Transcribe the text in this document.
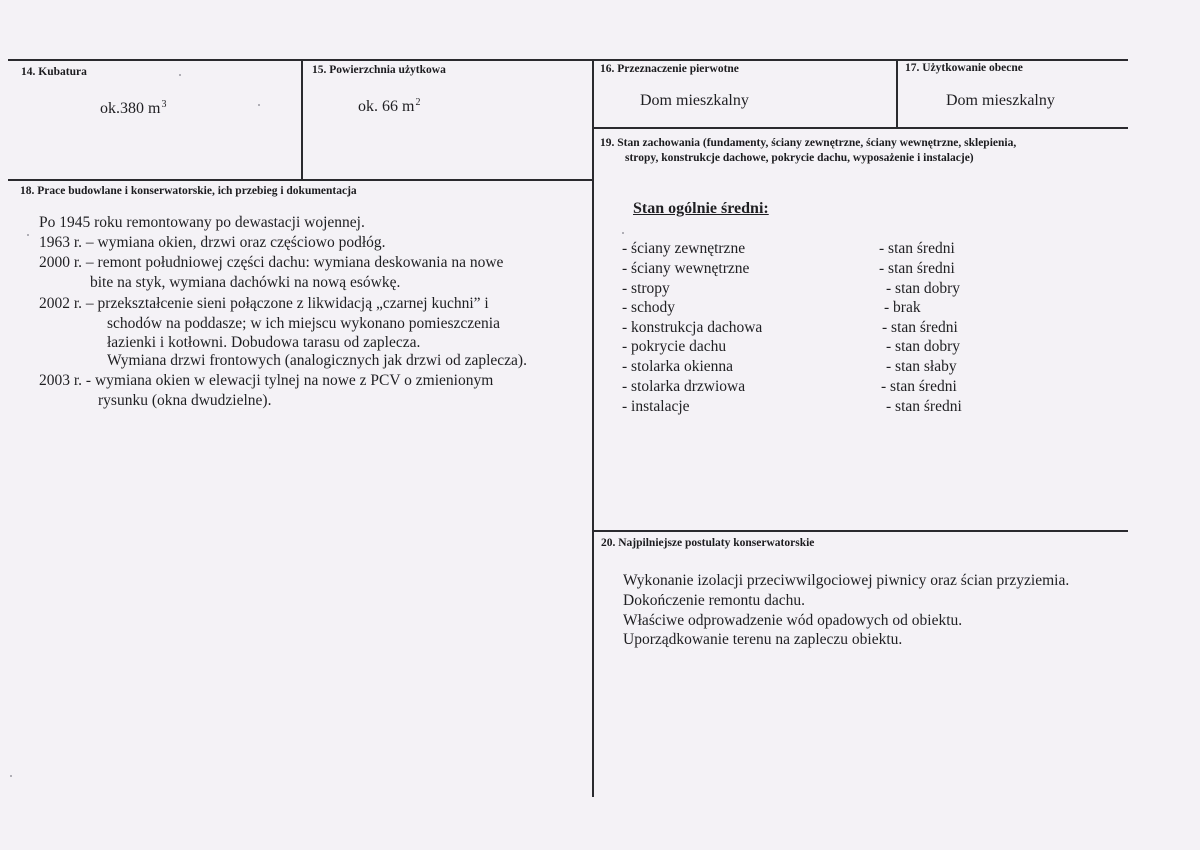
14. Kubatura
ok.380 $m^3$
15. Powierzchnia użytkowa
ok. 66 $m^2$
16. Przeznaczenie pierwotne
Dom mieszkalny
17. Użytkowanie obecne
Dom mieszkalny
18. Prace budowlane i konserwatorskie, ich przebieg i dokumentacja
Po 1945 roku remontowany po dewastacji wojennej.
1963 r. – wymiana okien, drzwi oraz częściowo podłóg.
2000 r. – remont południowej części dachu: wymiana deskowania na nowe
bite na styk, wymiana dachówki na nową esówkę.
2002 r. – przekształcenie sieni połączone z likwidacją „czarnej kuchni” i
schodów na poddasze; w ich miejscu wykonano pomieszczenia
łazienki i kotłowni. Dobudowa tarasu od zaplecza.
Wymiana drzwi frontowych (analogicznych jak drzwi od zaplecza).
2003 r. - wymiana okien w elewacji tylnej na nowe z PCV o zmienionym
rysunku (okna dwudzielne).
19. Stan zachowania (fundamenty, ściany zewnętrzne, ściany wewnętrzne, sklepienia,
stropy, konstrukcje dachowe, pokrycie dachu, wyposażenie i instalacje)
Stan ogólnie średni:
- ściany zewnętrzne	- stan średni
- ściany wewnętrzne	- stan średni
- stropy	- stan dobry
- schody	- brak
- konstrukcja dachowa	- stan średni
- pokrycie dachu	- stan dobry
- stolarka okienna	- stan słaby
- stolarka drzwiowa	- stan średni
- instalacje	- stan średni
20. Najpilniejsze postulaty konserwatorskie
Wykonanie izolacji przeciwwilgociowej piwnicy oraz ścian przyziemia.
Dokończenie remontu dachu.
Właściwe odprowadzenie wód opadowych od obiektu.
Uporządkowanie terenu na zapleczu obiektu.
